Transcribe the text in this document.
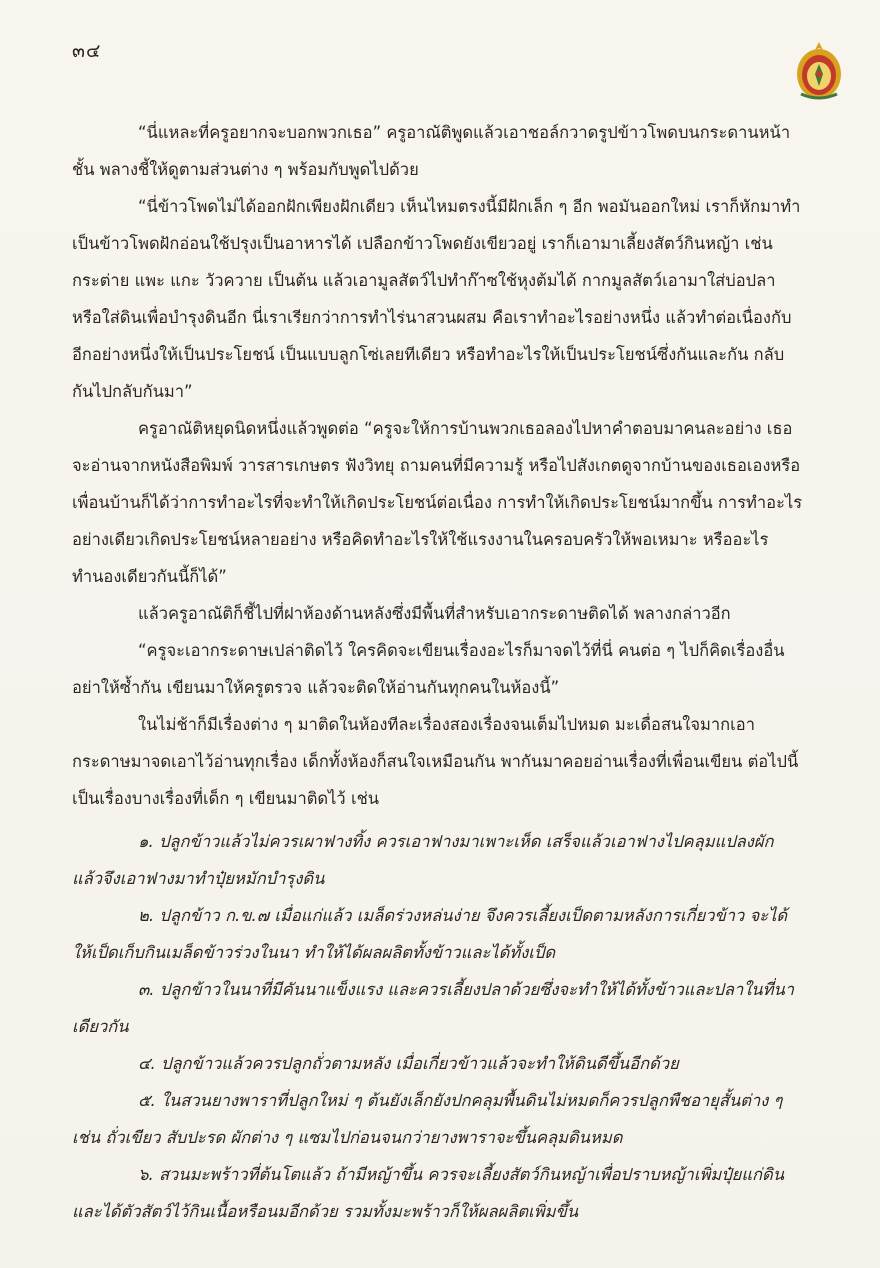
๓๔

“นี่แหละที่ครูอยากจะบอกพวกเธอ” ครูอาณัติพูดแล้วเอาชอล์กวาดรูปข้าวโพดบนกระดานหน้าชั้น พลางชี้ให้ดูตามส่วนต่าง ๆ พร้อมกับพูดไปด้วย

“นี่ข้าวโพดไม่ได้ออกฝักเพียงฝักเดียว เห็นไหมตรงนี้มีฝักเล็ก ๆ อีก พอมันออกใหม่ เราก็หักมาทำเป็นข้าวโพดฝักอ่อนใช้ปรุงเป็นอาหารได้ เปลือกข้าวโพดยังเขียวอยู่ เราก็เอามาเลี้ยงสัตว์กินหญ้า เช่น กระต่าย แพะ แกะ วัวควาย เป็นต้น แล้วเอามูลสัตว์ไปทำก๊าซใช้หุงต้มได้ กากมูลสัตว์เอามาใส่บ่อปลาหรือใส่ดินเพื่อบำรุงดินอีก นี่เราเรียกว่าการทำไร่นาสวนผสม คือเราทำอะไรอย่างหนึ่ง แล้วทำต่อเนื่องกับอีกอย่างหนึ่งให้เป็นประโยชน์ เป็นแบบลูกโซ่เลยทีเดียว หรือทำอะไรให้เป็นประโยชน์ซึ่งกันและกัน กลับกันไปกลับกันมา”

ครูอาณัติหยุดนิดหนึ่งแล้วพูดต่อ “ครูจะให้การบ้านพวกเธอลองไปหาคำตอบมาคนละอย่าง เธอจะอ่านจากหนังสือพิมพ์ วารสารเกษตร ฟังวิทยุ ถามคนที่มีความรู้ หรือไปสังเกตดูจากบ้านของเธอเองหรือเพื่อนบ้านก็ได้ว่าการทำอะไรที่จะทำให้เกิดประโยชน์ต่อเนื่อง การทำให้เกิดประโยชน์มากขึ้น การทำอะไรอย่างเดียวเกิดประโยชน์หลายอย่าง หรือคิดทำอะไรให้ใช้แรงงานในครอบครัวให้พอเหมาะ หรืออะไรทำนองเดียวกันนี้ก็ได้”

แล้วครูอาณัติก็ชี้ไปที่ฝาห้องด้านหลังซึ่งมีพื้นที่สำหรับเอากระดาษติดได้ พลางกล่าวอีก

“ครูจะเอากระดาษเปล่าติดไว้ ใครคิดจะเขียนเรื่องอะไรก็มาจดไว้ที่นี่ คนต่อ ๆ ไปก็คิดเรื่องอื่นอย่าให้ซ้ำกัน เขียนมาให้ครูตรวจ แล้วจะติดให้อ่านกันทุกคนในห้องนี้”

ในไม่ช้าก็มีเรื่องต่าง ๆ มาติดในห้องทีละเรื่องสองเรื่องจนเต็มไปหมด มะเดื่อสนใจมากเอากระดาษมาจดเอาไว้อ่านทุกเรื่อง เด็กทั้งห้องก็สนใจเหมือนกัน พากันมาคอยอ่านเรื่องที่เพื่อนเขียน ต่อไปนี้เป็นเรื่องบางเรื่องที่เด็ก ๆ เขียนมาติดไว้ เช่น

๑. ปลูกข้าวแล้วไม่ควรเผาฟางทิ้ง ควรเอาฟางมาเพาะเห็ด เสร็จแล้วเอาฟางไปคลุมแปลงผัก แล้วจึงเอาฟางมาทำปุ๋ยหมักบำรุงดิน

๒. ปลูกข้าว ก.ข.๗ เมื่อแก่แล้ว เมล็ดร่วงหล่นง่าย จึงควรเลี้ยงเป็ดตามหลังการเกี่ยวข้าว จะได้ให้เป็ดเก็บกินเมล็ดข้าวร่วงในนา ทำให้ได้ผลผลิตทั้งข้าวและได้ทั้งเป็ด

๓. ปลูกข้าวในนาที่มีคันนาแข็งแรง และควรเลี้ยงปลาด้วยซึ่งจะทำให้ได้ทั้งข้าวและปลาในที่นาเดียวกัน

๔. ปลูกข้าวแล้วควรปลูกถั่วตามหลัง เมื่อเกี่ยวข้าวแล้วจะทำให้ดินดีขึ้นอีกด้วย

๕. ในสวนยางพาราที่ปลูกใหม่ ๆ ต้นยังเล็กยังปกคลุมพื้นดินไม่หมดก็ควรปลูกพืชอายุสั้นต่าง ๆ เช่น ถั่วเขียว สับปะรด ผักต่าง ๆ แซมไปก่อนจนกว่ายางพาราจะขึ้นคลุมดินหมด

๖. สวนมะพร้าวที่ต้นโตแล้ว ถ้ามีหญ้าขึ้น ควรจะเลี้ยงสัตว์กินหญ้าเพื่อปราบหญ้าเพิ่มปุ๋ยแก่ดิน และได้ตัวสัตว์ไว้กินเนื้อหรือนมอีกด้วย รวมทั้งมะพร้าวก็ให้ผลผลิตเพิ่มขึ้น
